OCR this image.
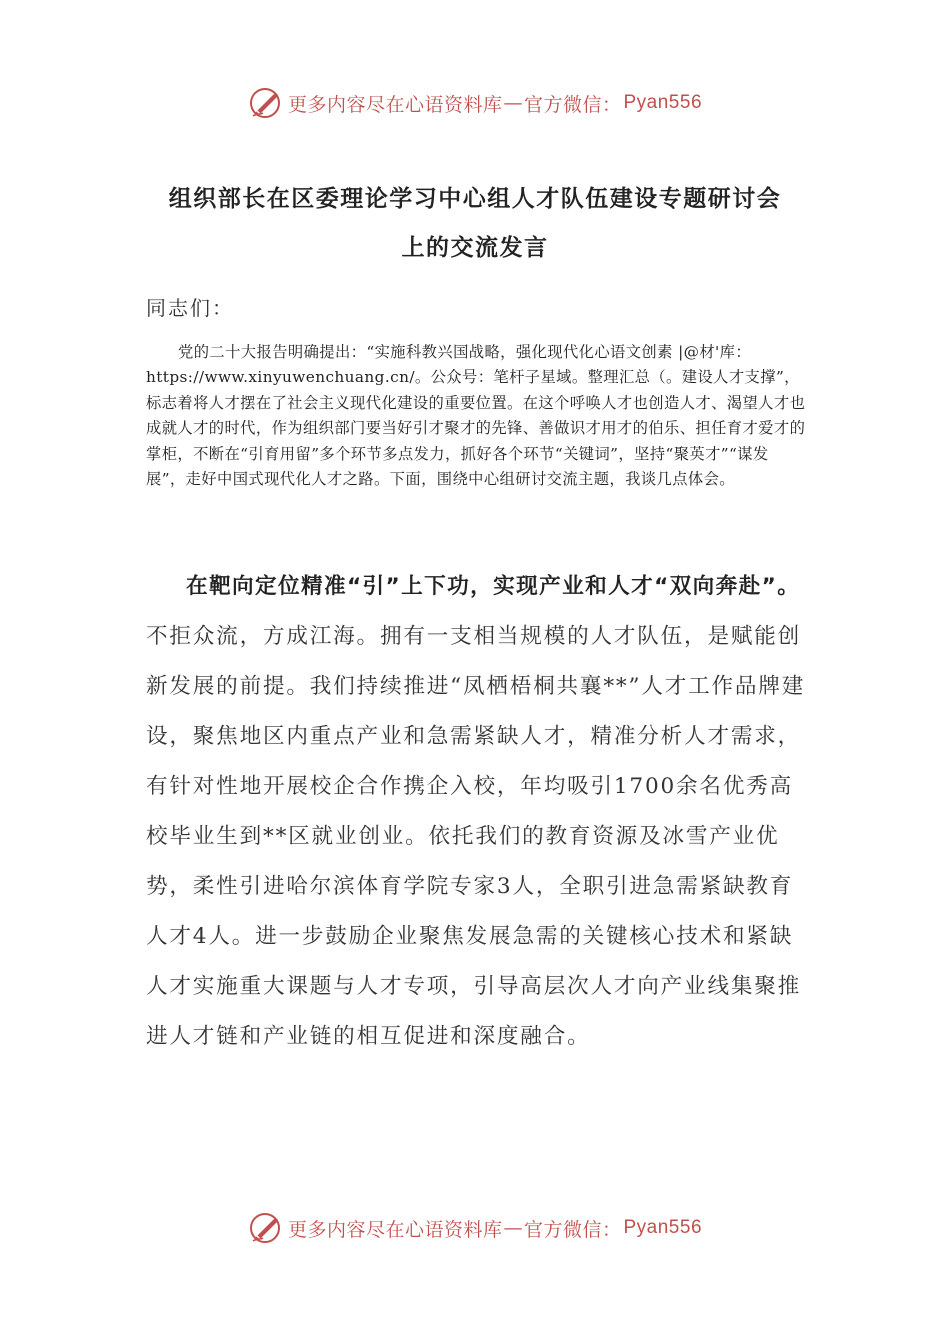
更多内容尽在心语资料库 — 官方微信： Pyan556
组织部长在区委理论学习中心组人才队伍建设专题研讨会
上的交流发言
同志们：
党的二十大报告明确提出：“实施科教兴国战略，强化现代化心语文创素 |@材'库：https://www.xinyuwenchuang.cn/。公众号：笔杆子星域。整理汇总（。建设人才支撑”，标志着将人才摆在了社会主义现代化建设的重要位置。在这个呼唤人才也创造人才、渴望人才也成就人才的时代，作为组织部门要当好引才聚才的先锋、善做识才用才的伯乐、担任育才爱才的掌柜，不断在“引育用留”多个环节多点发力，抓好各个环节“关键词”，坚持“聚英才”“谋发展”，走好中国式现代化人才之路。下面，围绕中心组研讨交流主题，我谈几点体会。
在靶向定位精准“引”上下功，实现产业和人才“双向奔赴”。不拒众流，方成江海。拥有一支相当规模的人才队伍，是赋能创新发展的前提。我们持续推进“凤栖梧桐共襄**”人才工作品牌建设，聚焦地区内重点产业和急需紧缺人才，精准分析人才需求，有针对性地开展校企合作携企入校，年均吸引1700余名优秀高校毕业生到**区就业创业。依托我们的教育资源及冰雪产业优势，柔性引进哈尔滨体育学院专家3人，全职引进急需紧缺教育人才4人。进一步鼓励企业聚焦发展急需的关键核心技术和紧缺人才实施重大课题与人才专项，引导高层次人才向产业线集聚推进人才链和产业链的相互促进和深度融合。
更多内容尽在心语资料库 — 官方微信： Pyan556
